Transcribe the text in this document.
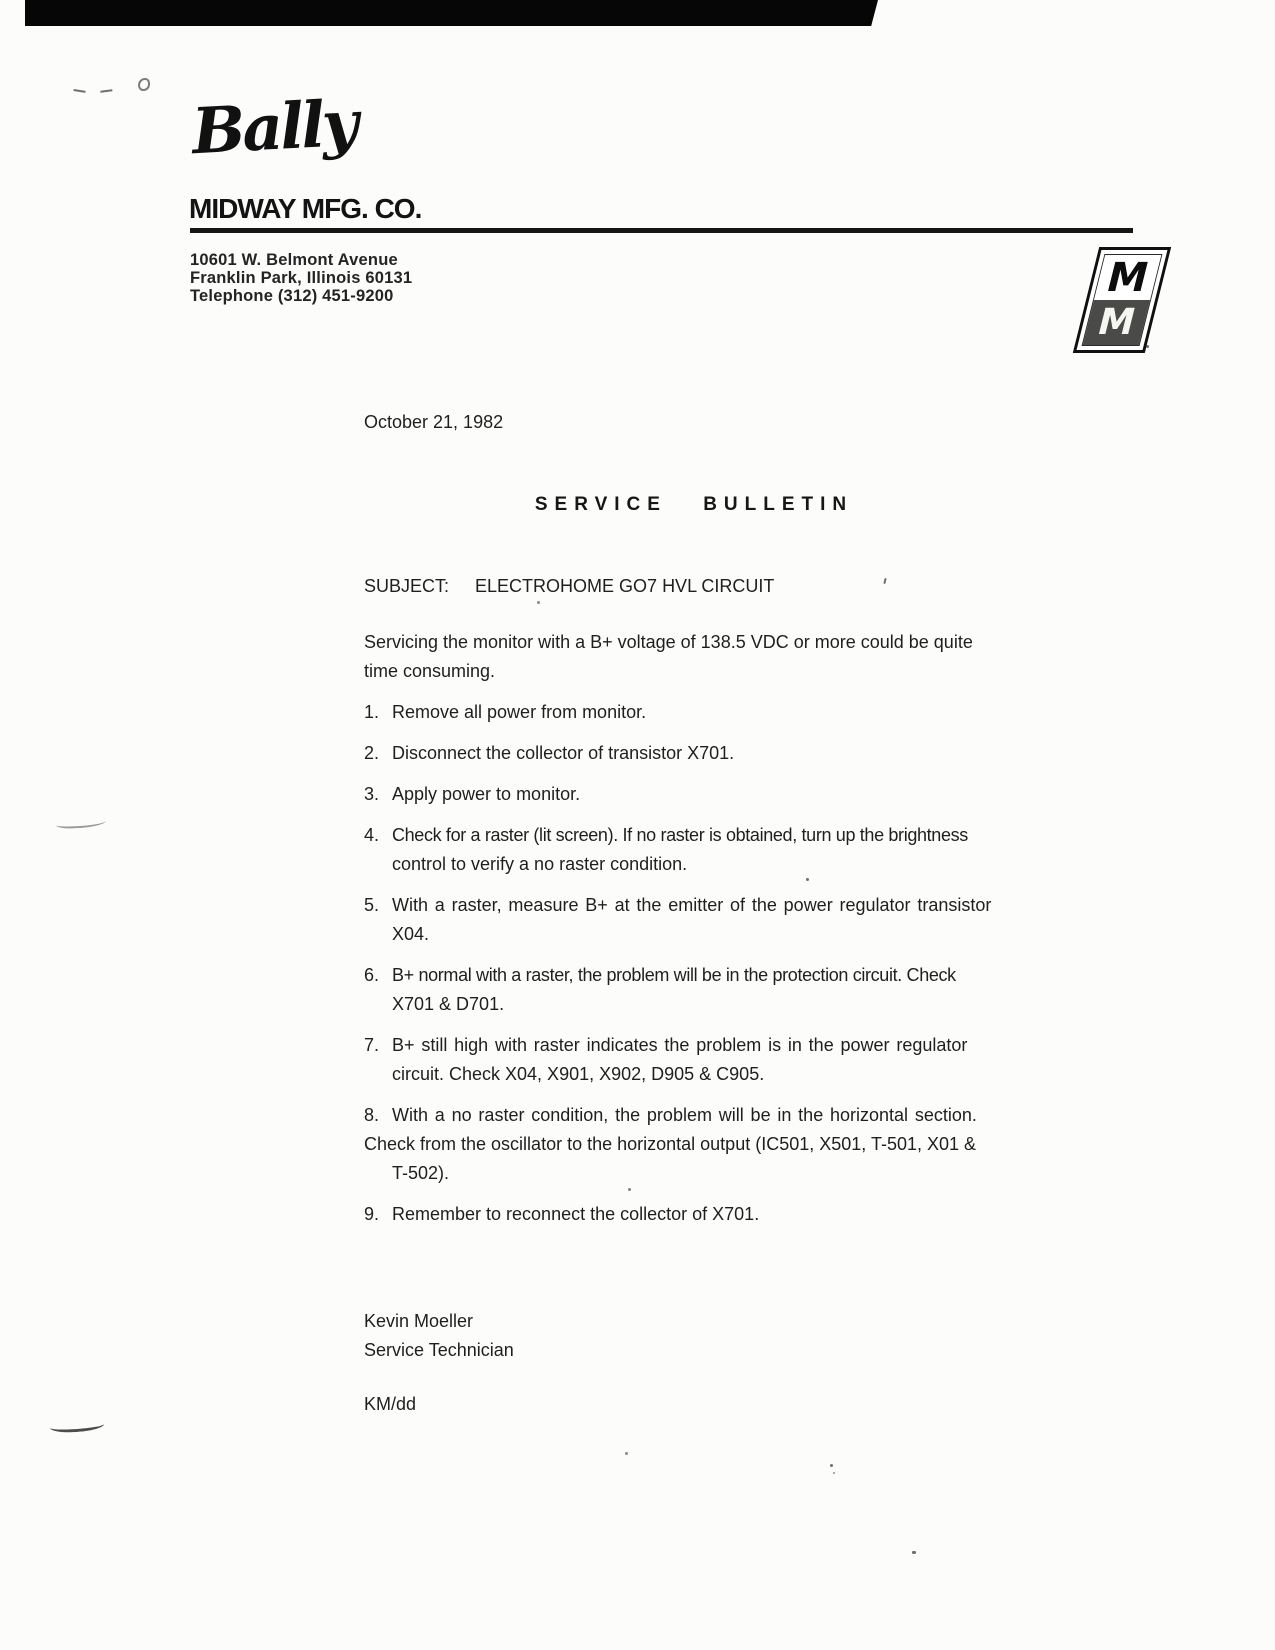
Bally
MIDWAY MFG. CO.
10601 W. Belmont Avenue
Franklin Park, Illinois 60131
Telephone (312) 451-9200	M
M
October 21, 1982
SERVICE BULLETIN
SUBJECT: ELECTROHOME GO7 HVL CIRCUIT
Servicing the monitor with a B+ voltage of 138.5 VDC or more could be quite
time consuming.
1. Remove all power from monitor.
2. Disconnect the collector of transistor X701.
3. Apply power to monitor.
4. Check for a raster (lit screen). If no raster is obtained, turn up the brightness
control to verify a no raster condition.
5. With a raster, measure B+ at the emitter of the power regulator transistor
X04.
6. B+ normal with a raster, the problem will be in the protection circuit. Check
X701 & D701.
7. B+ still high with raster indicates the problem is in the power regulator
circuit. Check X04, X901, X902, D905 & C905.
8. With a no raster condition, the problem will be in the horizontal section.
Check from the oscillator to the horizontal output (IC501, X501, T-501, X01 &
T-502).
9. Remember to reconnect the collector of X701.
Kevin Moeller
Service Technician
KM/dd
